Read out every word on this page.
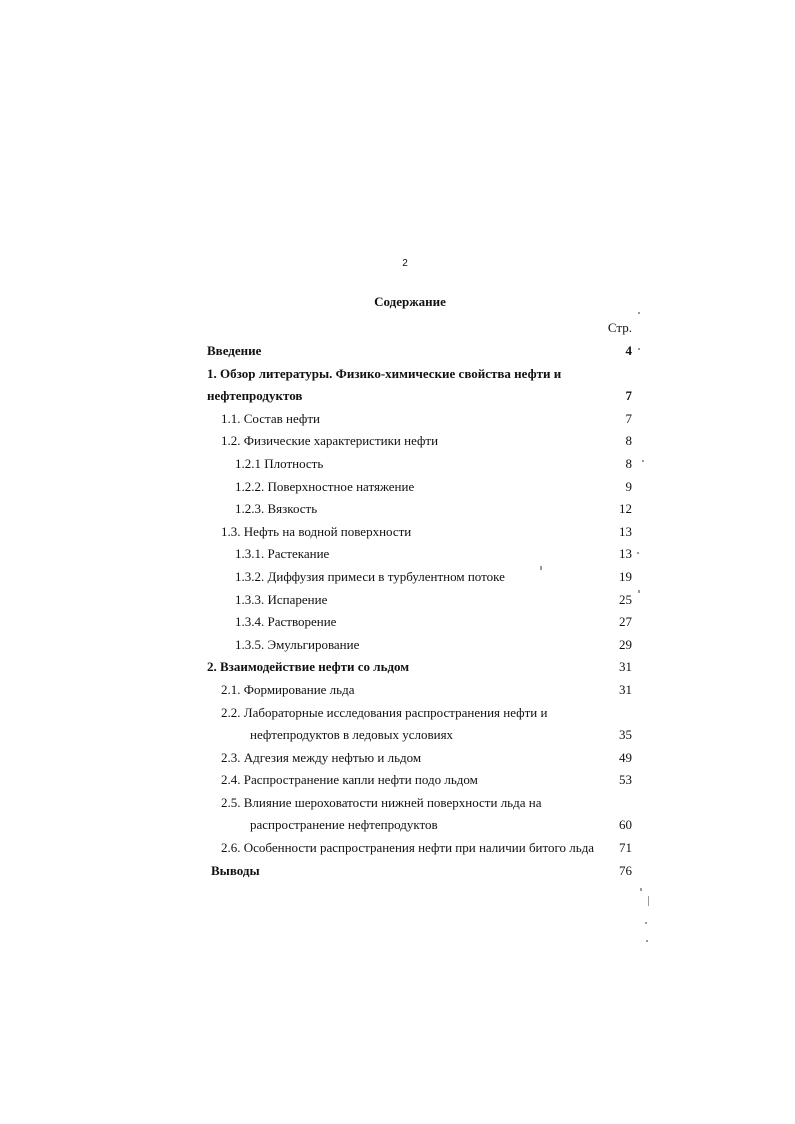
2
Содержание
Стр.
Введение	4
1. Обзор литературы. Физико-химические свойства нефти и
нефтепродуктов	7
1.1. Состав нефти	7
1.2. Физические характеристики нефти	8
1.2.1 Плотность	8
1.2.2. Поверхностное натяжение	9
1.2.3. Вязкость	12
1.3. Нефть на водной поверхности	13
1.3.1. Растекание	13
1.3.2. Диффузия примеси в турбулентном потоке	19
1.3.3. Испарение	25
1.3.4. Растворение	27
1.3.5. Эмульгирование	29
2. Взаимодействие нефти со льдом	31
2.1. Формирование льда	31
2.2. Лабораторные исследования распространения нефти и
нефтепродуктов в ледовых условиях	35
2.3. Адгезия между нефтью и льдом	49
2.4. Распространение капли нефти подо льдом	53
2.5. Влияние шероховатости нижней поверхности льда на
распространение нефтепродуктов	60
2.6. Особенности распространения нефти при наличии битого льда	71
Выводы	76
